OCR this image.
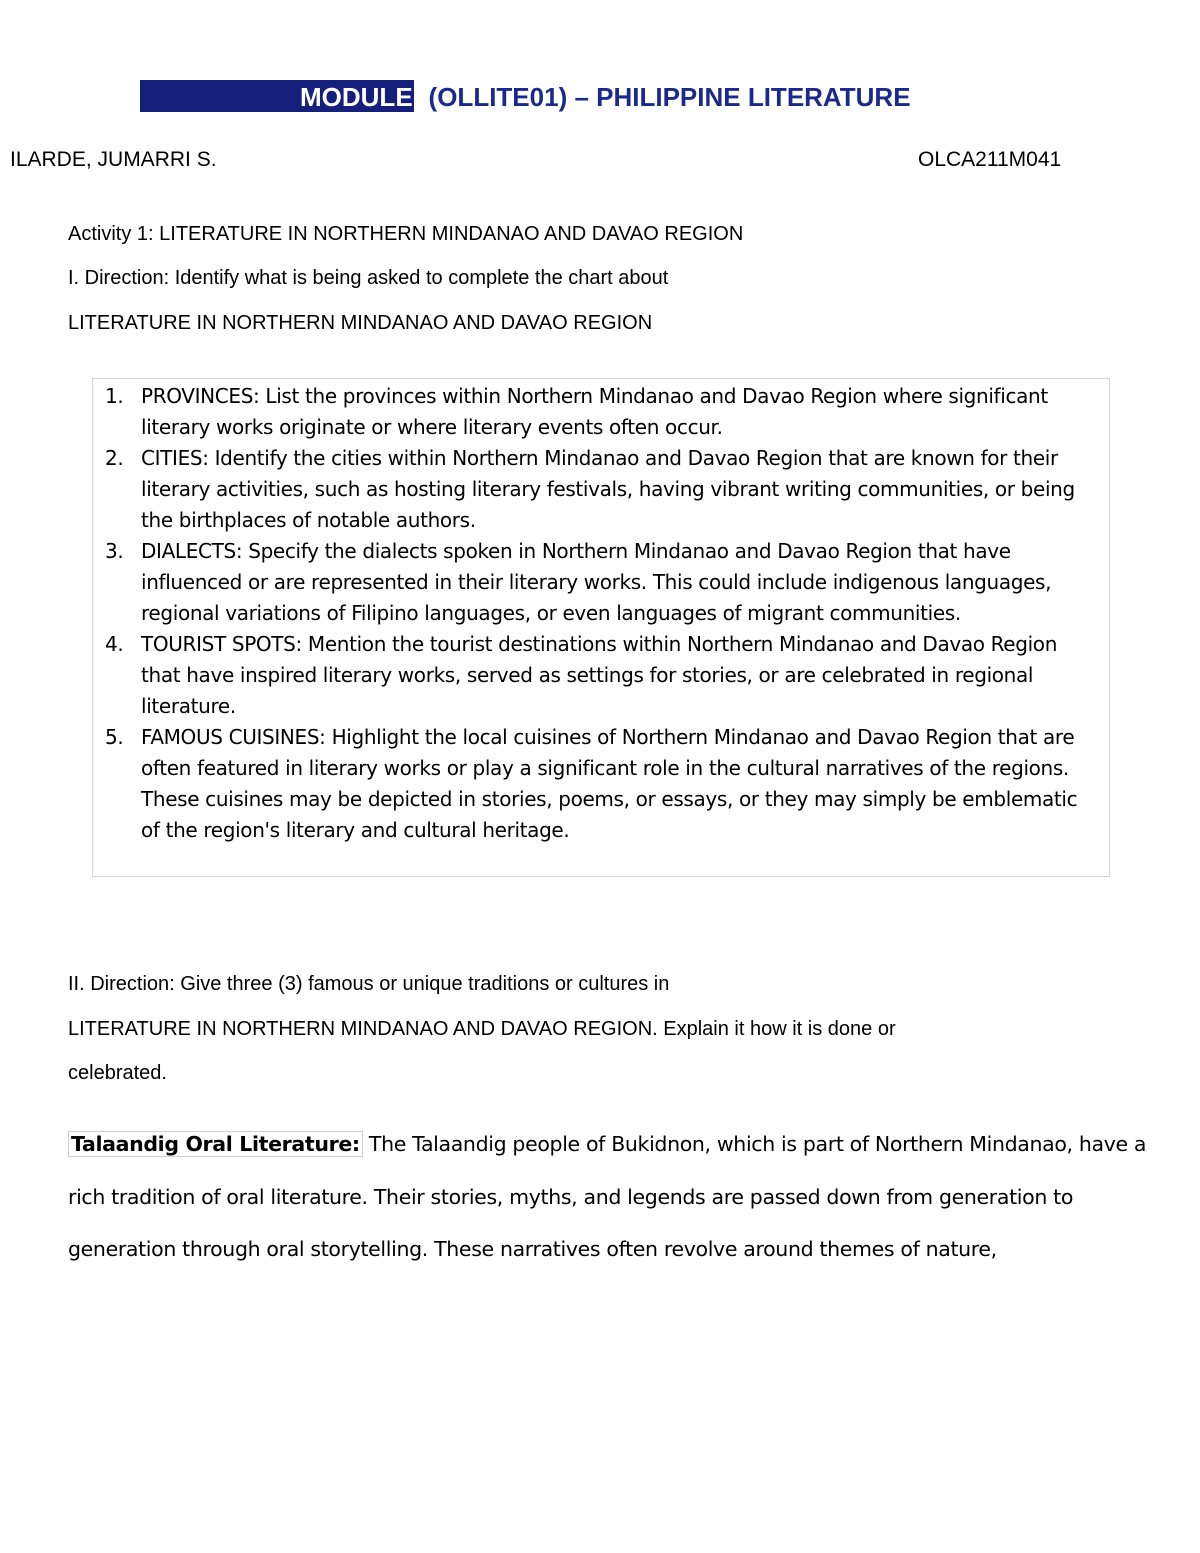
MODULE: (OLLITE01) – PHILIPPINE LITERATURE
ILARDE, JUMARRI S.	OLCA211M041
Activity 1: LITERATURE IN NORTHERN MINDANAO AND DAVAO REGION
I. Direction: Identify what is being asked to complete the chart about
LITERATURE IN NORTHERN MINDANAO AND DAVAO REGION
1. PROVINCES: List the provinces within Northern Mindanao and Davao Region where significant literary works originate or where literary events often occur.
2. CITIES: Identify the cities within Northern Mindanao and Davao Region that are known for their literary activities, such as hosting literary festivals, having vibrant writing communities, or being the birthplaces of notable authors.
3. DIALECTS: Specify the dialects spoken in Northern Mindanao and Davao Region that have influenced or are represented in their literary works. This could include indigenous languages, regional variations of Filipino languages, or even languages of migrant communities.
4. TOURIST SPOTS: Mention the tourist destinations within Northern Mindanao and Davao Region that have inspired literary works, served as settings for stories, or are celebrated in regional literature.
5. FAMOUS CUISINES: Highlight the local cuisines of Northern Mindanao and Davao Region that are often featured in literary works or play a significant role in the cultural narratives of the regions. These cuisines may be depicted in stories, poems, or essays, or they may simply be emblematic of the region's literary and cultural heritage.
II. Direction: Give three (3) famous or unique traditions or cultures in
LITERATURE IN NORTHERN MINDANAO AND DAVAO REGION. Explain it how it is done or
celebrated.
Talaandig Oral Literature: The Talaandig people of Bukidnon, which is part of Northern Mindanao, have a rich tradition of oral literature. Their stories, myths, and legends are passed down from generation to generation through oral storytelling. These narratives often revolve around themes of nature,
